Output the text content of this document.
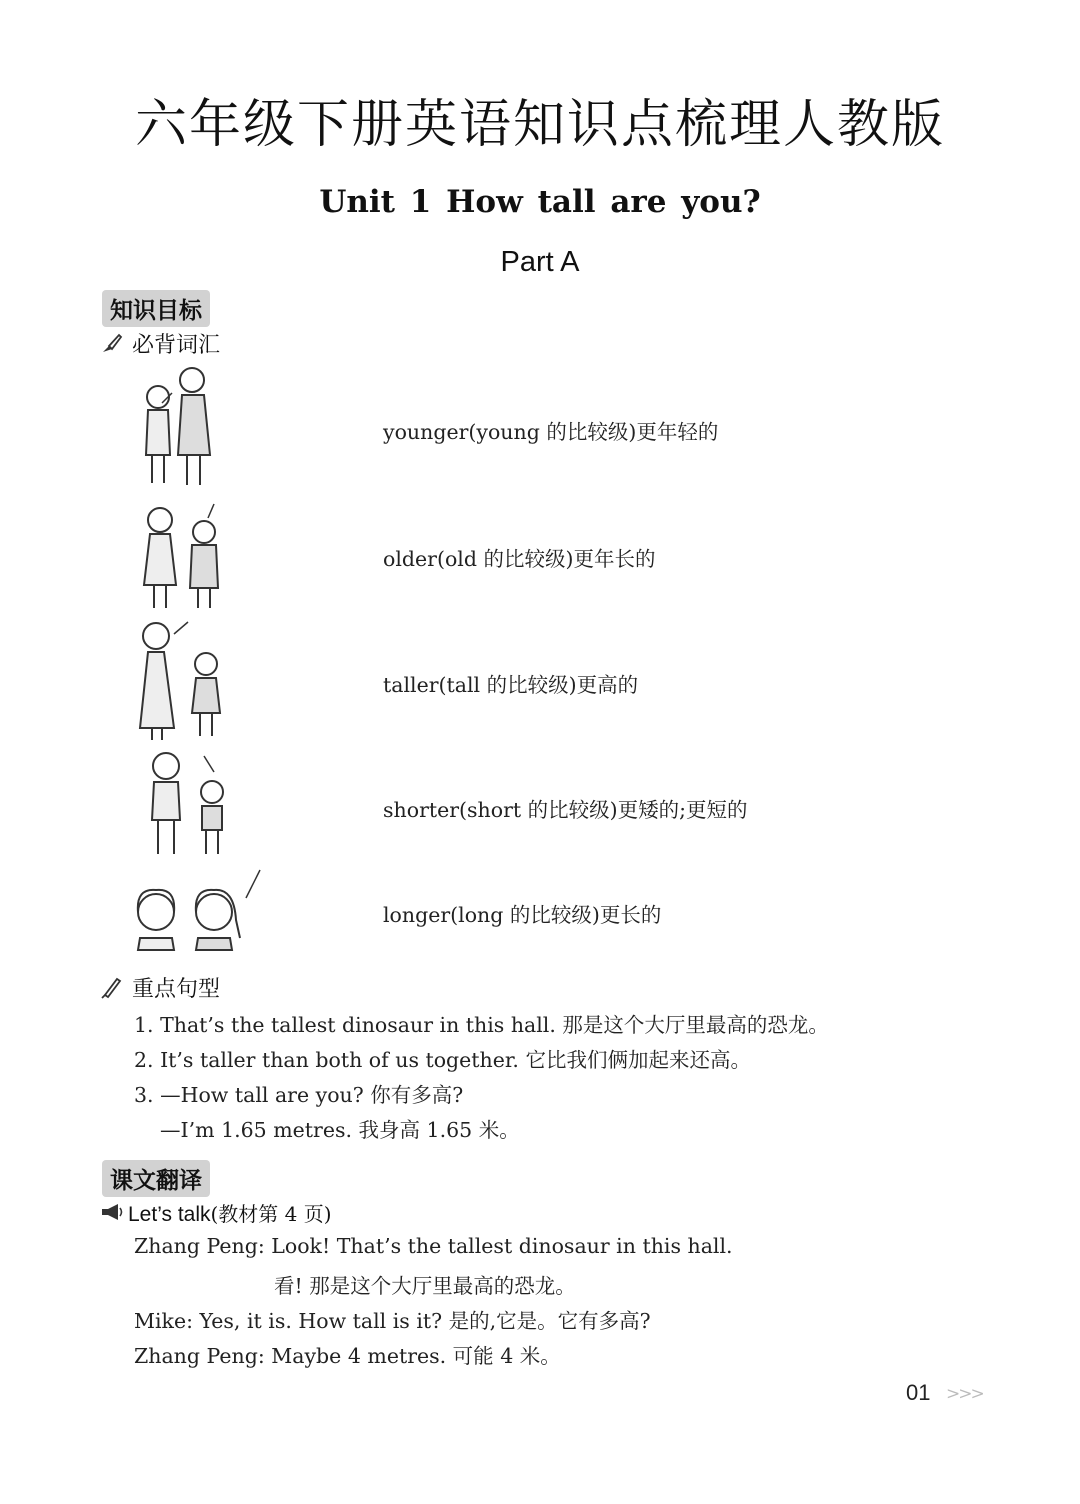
六年级下册英语知识点梳理人教版
Unit 1 How tall are you?
Part A
知识目标
必背词汇
younger(young 的比较级)更年轻的
older(old 的比较级)更年长的
taller(tall 的比较级)更高的
shorter(short 的比较级)更矮的;更短的
longer(long 的比较级)更长的
重点句型
1. That’s the tallest dinosaur in this hall. 那是这个大厅里最高的恐龙。
2. It’s taller than both of us together. 它比我们俩加起来还高。
3. —How tall are you? 你有多高?
—I’m 1.65 metres. 我身高 1.65 米。
课文翻译
Let’s talk(教材第 4 页)
Zhang Peng: Look! That’s the tallest dinosaur in this hall.
看! 那是这个大厅里最高的恐龙。
Mike: Yes, it is. How tall is it? 是的,它是。它有多高?
Zhang Peng: Maybe 4 metres. 可能 4 米。
01 >>>
